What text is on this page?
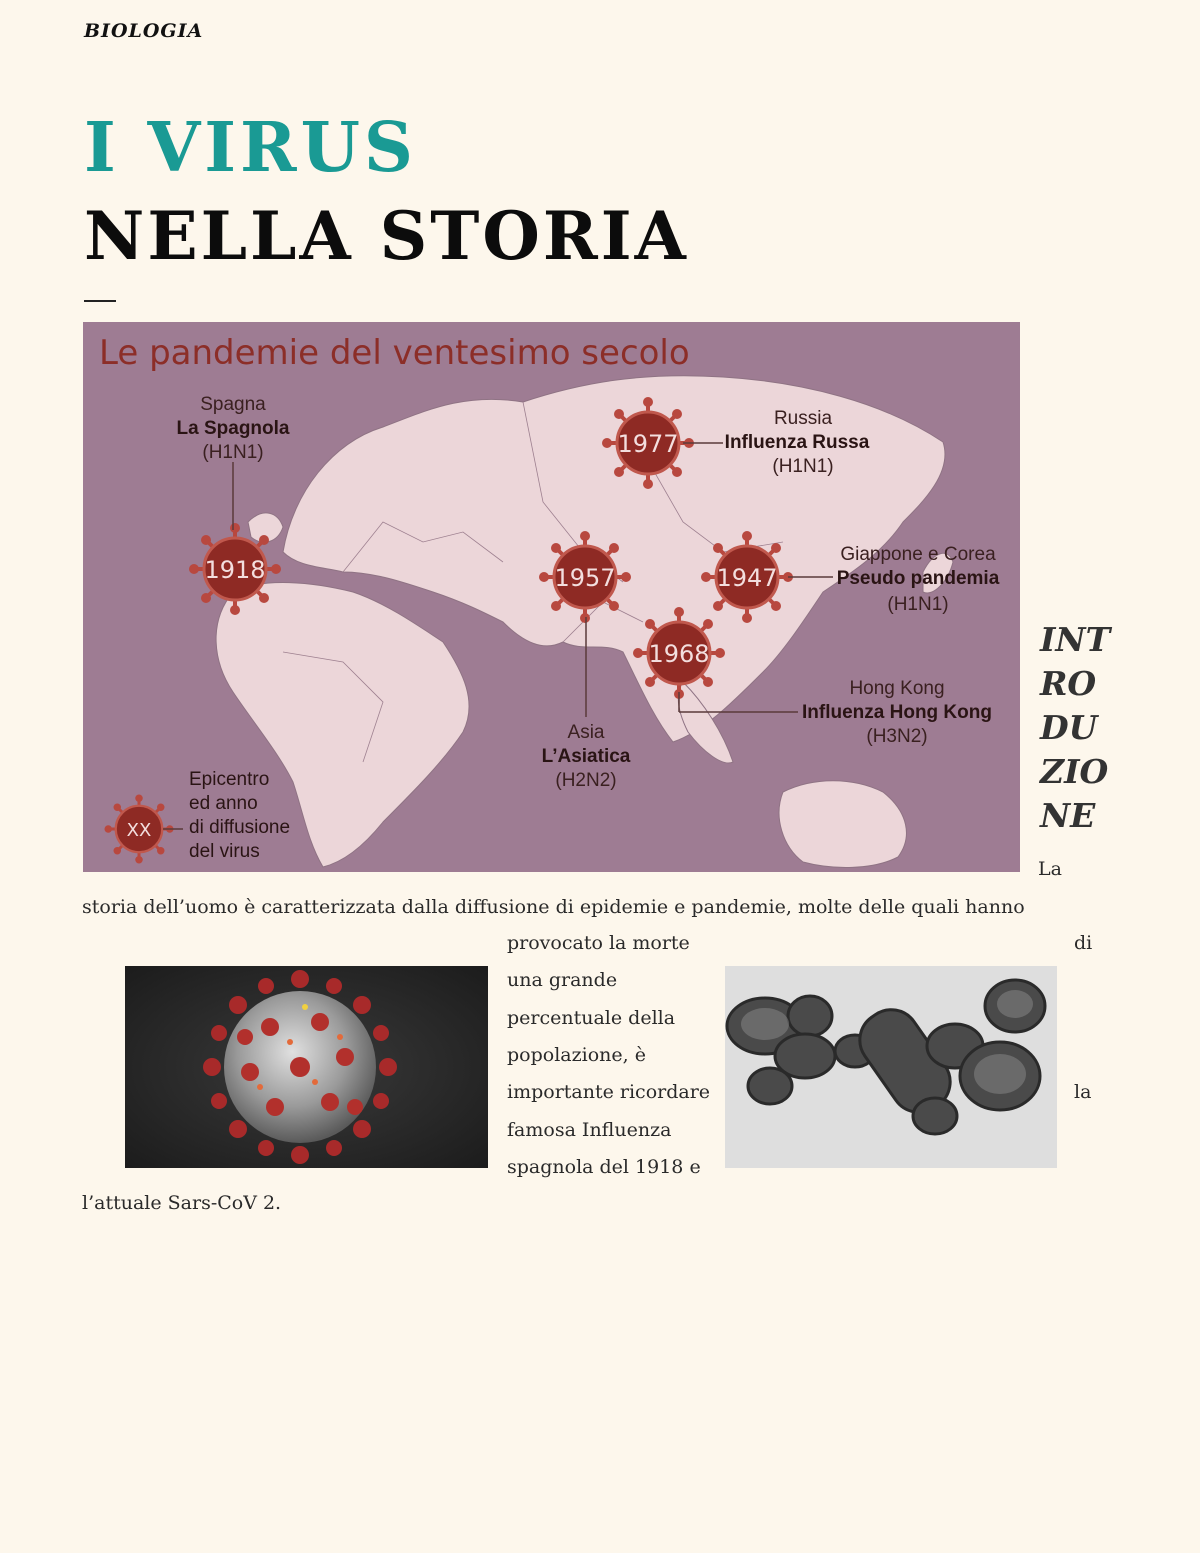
BIOLOGIA
I VIRUS
NELLA STORIA
Le pandemie del ventesimo secolo
1918
1977
1957	1947
1968
Spagna
La Spagnola
(H1N1)
Russia
Influenza Russa
(H1N1)
Asia
L’Asiatica
(H2N2)
Giappone e Corea
Pseudo pandemia
(H1N1)
Hong Kong
Influenza Hong Kong
(H3N2)
XX
Epicentro
ed anno
di diffusione
del virus
INT
RO
DU
ZIO
NE
La
storia dell’uomo è caratterizzata dalla diffusione di epidemie e pandemie, molte delle quali hanno
provocato la morte	di
una grande
percentuale della
popolazione, è
importante ricordare	la
famosa Influenza
spagnola del 1918 e
l’attuale Sars-CoV 2.
